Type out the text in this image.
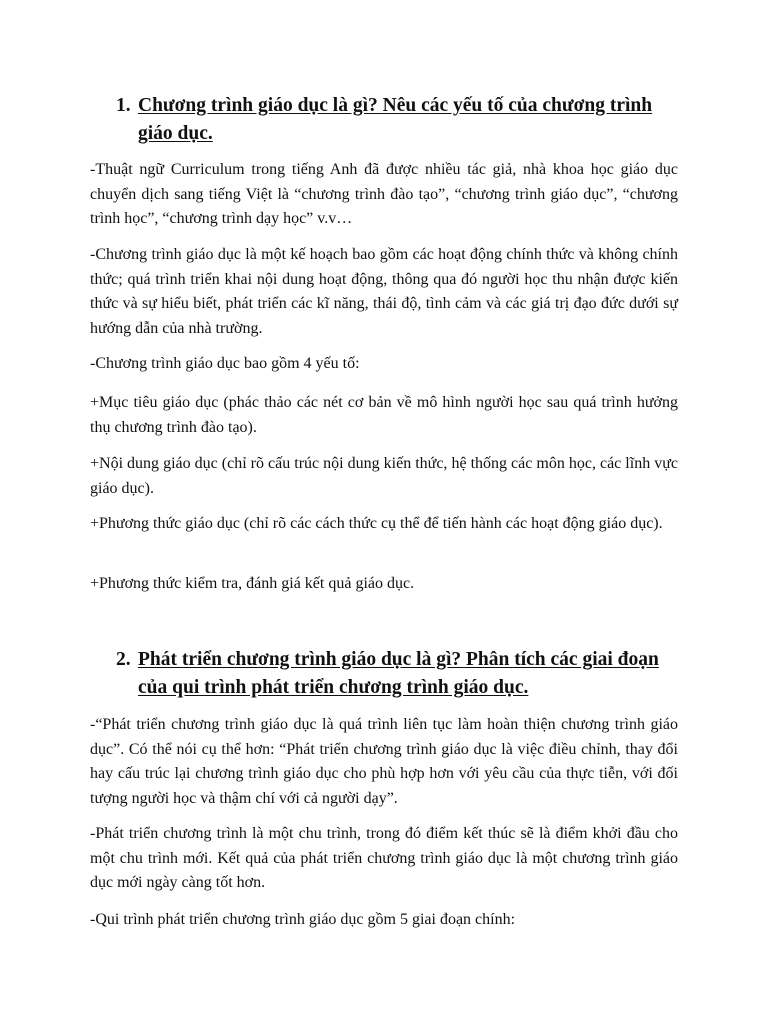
1. Chương trình giáo dục là gì? Nêu các yếu tố của chương trình giáo dục.

-Thuật ngữ Curriculum trong tiếng Anh đã được nhiều tác giả, nhà khoa học giáo dục chuyển dịch sang tiếng Việt là “chương trình đào tạo”, “chương trình giáo dục”, “chương trình học”, “chương trình dạy học” v.v…

-Chương trình giáo dục là một kế hoạch bao gồm các hoạt động chính thức và không chính thức; quá trình triển khai nội dung hoạt động, thông qua đó người học thu nhận được kiến thức và sự hiểu biết, phát triển các kĩ năng, thái độ, tình cảm và các giá trị đạo đức dưới sự hướng dẫn của nhà trường.

-Chương trình giáo dục bao gồm 4 yếu tố:

+Mục tiêu giáo dục (phác thảo các nét cơ bản về mô hình người học sau quá trình hưởng thụ chương trình đào tạo).

+Nội dung giáo dục (chỉ rõ cấu trúc nội dung kiến thức, hệ thống các môn học, các lĩnh vực giáo dục).

+Phương thức giáo dục (chỉ rõ các cách thức cụ thể để tiến hành các hoạt động giáo dục).

+Phương thức kiểm tra, đánh giá kết quả giáo dục.

2. Phát triển chương trình giáo dục là gì? Phân tích các giai đoạn của qui trình phát triển chương trình giáo dục.

-“Phát triển chương trình giáo dục là quá trình liên tục làm hoàn thiện chương trình giáo dục”. Có thể nói cụ thể hơn: “Phát triển chương trình giáo dục là việc điều chỉnh, thay đổi hay cấu trúc lại chương trình giáo dục cho phù hợp hơn với yêu cầu của thực tiễn, với đối tượng người học và thậm chí với cả người dạy”.

-Phát triển chương trình là một chu trình, trong đó điểm kết thúc sẽ là điểm khởi đầu cho một chu trình mới. Kết quả của phát triển chương trình giáo dục là một chương trình giáo dục mới ngày càng tốt hơn.

-Qui trình phát triển chương trình giáo dục gồm 5 giai đoạn chính:
